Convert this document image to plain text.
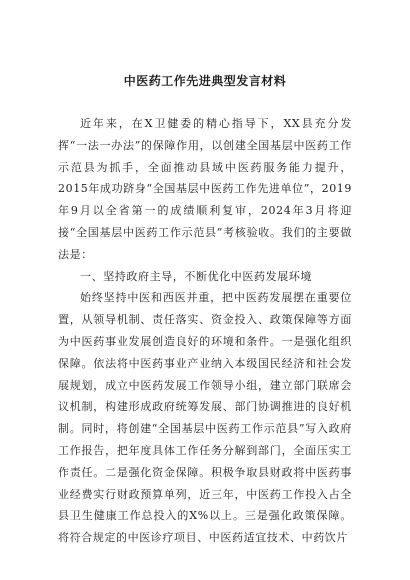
中医药工作先进典型发言材料

近年来，在X卫健委的精心指导下，XX县充分发挥“一法一办法”的保障作用，以创建全国基层中医药工作示范县为抓手，全面推动县域中医药服务能力提升，2015年成功跻身“全国基层中医药工作先进单位”，2019年9月以全省第一的成绩顺利复审，2024年3月将迎接“全国基层中医药工作示范县”考核验收。我们的主要做法是：

一、坚持政府主导，不断优化中医药发展环境

始终坚持中医和西医并重，把中医药发展摆在重要位置，从领导机制、责任落实、资金投入、政策保障等方面为中医药事业发展创造良好的环境和条件。一是强化组织保障。依法将中医药事业产业纳入本级国民经济和社会发展规划，成立中医药发展工作领导小组，建立部门联席会议机制，构建形成政府统筹发展、部门协调推进的良好机制。同时，将创建“全国基层中医药工作示范县”写入政府工作报告，把年度具体工作任务分解到部门，全面压实工作责任。二是强化资金保障。积极争取县财政将中医药事业经费实行财政预算单列，近三年，中医药工作投入占全县卫生健康工作总投入的X%以上。三是强化政策保障。将符合规定的中医诊疗项目、中医药适宜技术、中药饮片
